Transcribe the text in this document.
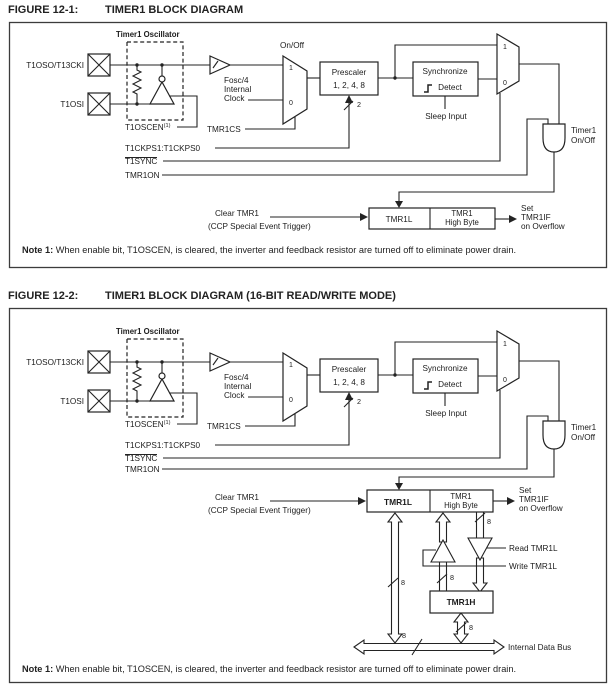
FIGURE 12-1: TIMER1 BLOCK DIAGRAM
FIGURE 12-2: TIMER1 BLOCK DIAGRAM (16-BIT READ/WRITE MODE)
Timer1 Oscillator
T1OSO/T13CKI
T1OSI
On/Off
1
0
Fosc/4
Internal
Clock
T1OSCEN$^{(1)}$	TMR1CS
T1CKPS1:T1CKPS0
T1SYNC
TMR1ON
Prescaler
1, 2, 4, 8
2
Synchronize
Detect
Sleep Input
1
0
Timer1
On/Off
Clear TMR1
(CCP Special Event Trigger)
TMR1L
TMR1
High Byte
Set
TMR1IF
on Overflow
Timer1 Oscillator
T1OSO/T13CKI
T1OSI
1
0
Fosc/4
Internal
Clock
T1OSCEN$^{(1)}$	TMR1CS
T1CKPS1:T1CKPS0
T1SYNC
TMR1ON
Prescaler
1, 2, 4, 8
2
Synchronize
Detect
Sleep Input
1
0
Timer1
On/Off
Clear TMR1
(CCP Special Event Trigger)
TMR1L
TMR1
High Byte
Set
TMR1IF
on Overflow
TMR1H
Read TMR1L
Write TMR1L
Internal Data Bus
8
8
8
8
8
Note 1: When enable bit, T1OSCEN, is cleared, the inverter and feedback resistor are turned off to eliminate power drain.
Note 1: When enable bit, T1OSCEN, is cleared, the inverter and feedback resistor are turned off to eliminate power drain.
